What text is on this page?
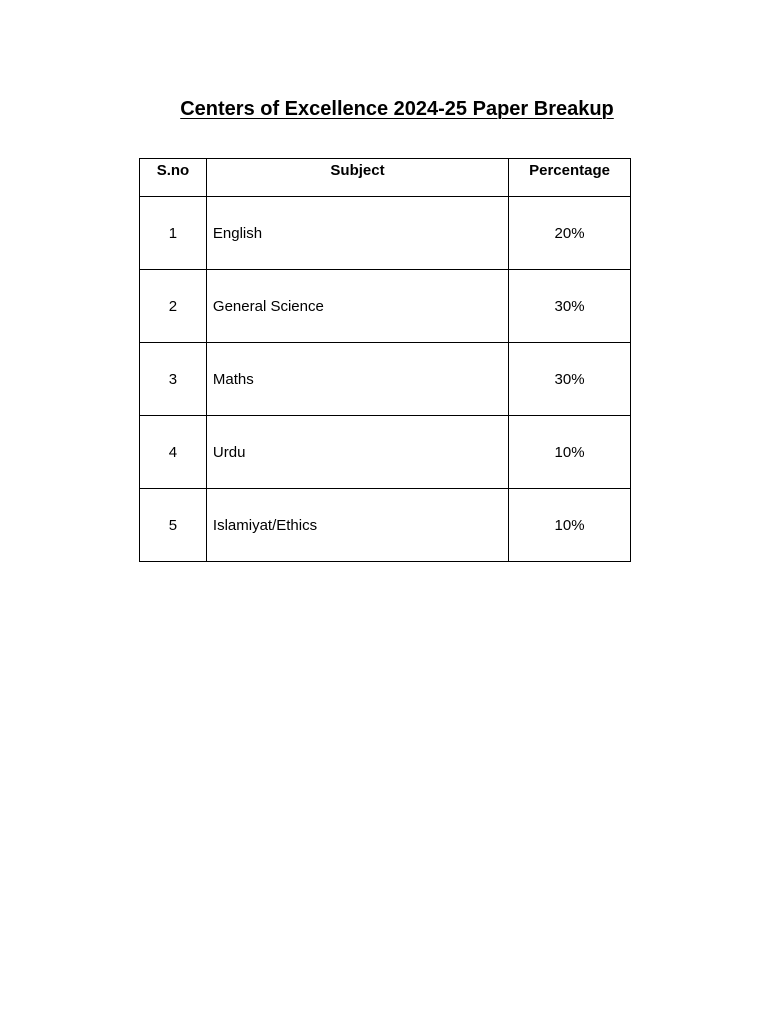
Centers of Excellence 2024-25 Paper Breakup
S.no	Subject	Percentage
1	English	20%
2	General Science	30%
3	Maths	30%
4	Urdu	10%
5	Islamiyat/Ethics	10%
